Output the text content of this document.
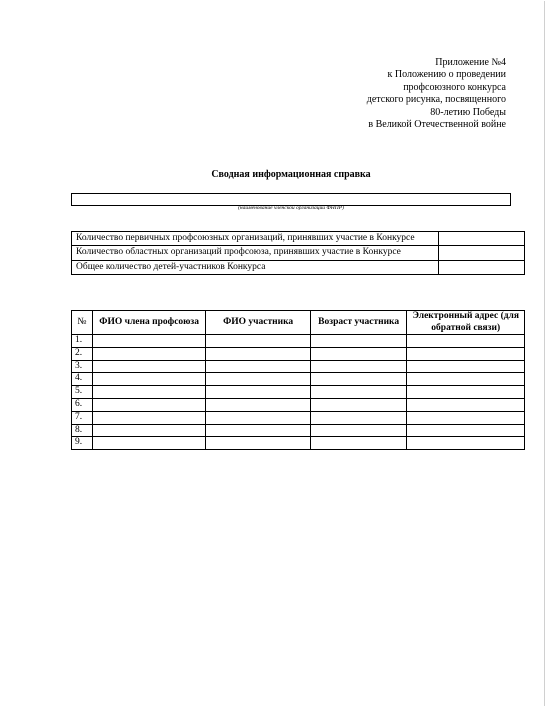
Приложение №4
к Положению о проведении
профсоюзного конкурса
детского рисунка, посвященного
80-летию Победы
в Великой Отечественной войне
Сводная информационная справка
(наименование членской организации ФНПР)
Количество первичных профсоюзных организаций, принявших участие в Конкурсе	
Количество областных организаций профсоюза, принявших участие в Конкурсе	
Общее количество детей-участников Конкурса	
№	ФИО члена профсоюза	ФИО участника	Возраст участника	Электронный адрес (для обратной связи)
1.				
2.				
3.				
4.				
5.				
6.				
7.				
8.				
9.				
